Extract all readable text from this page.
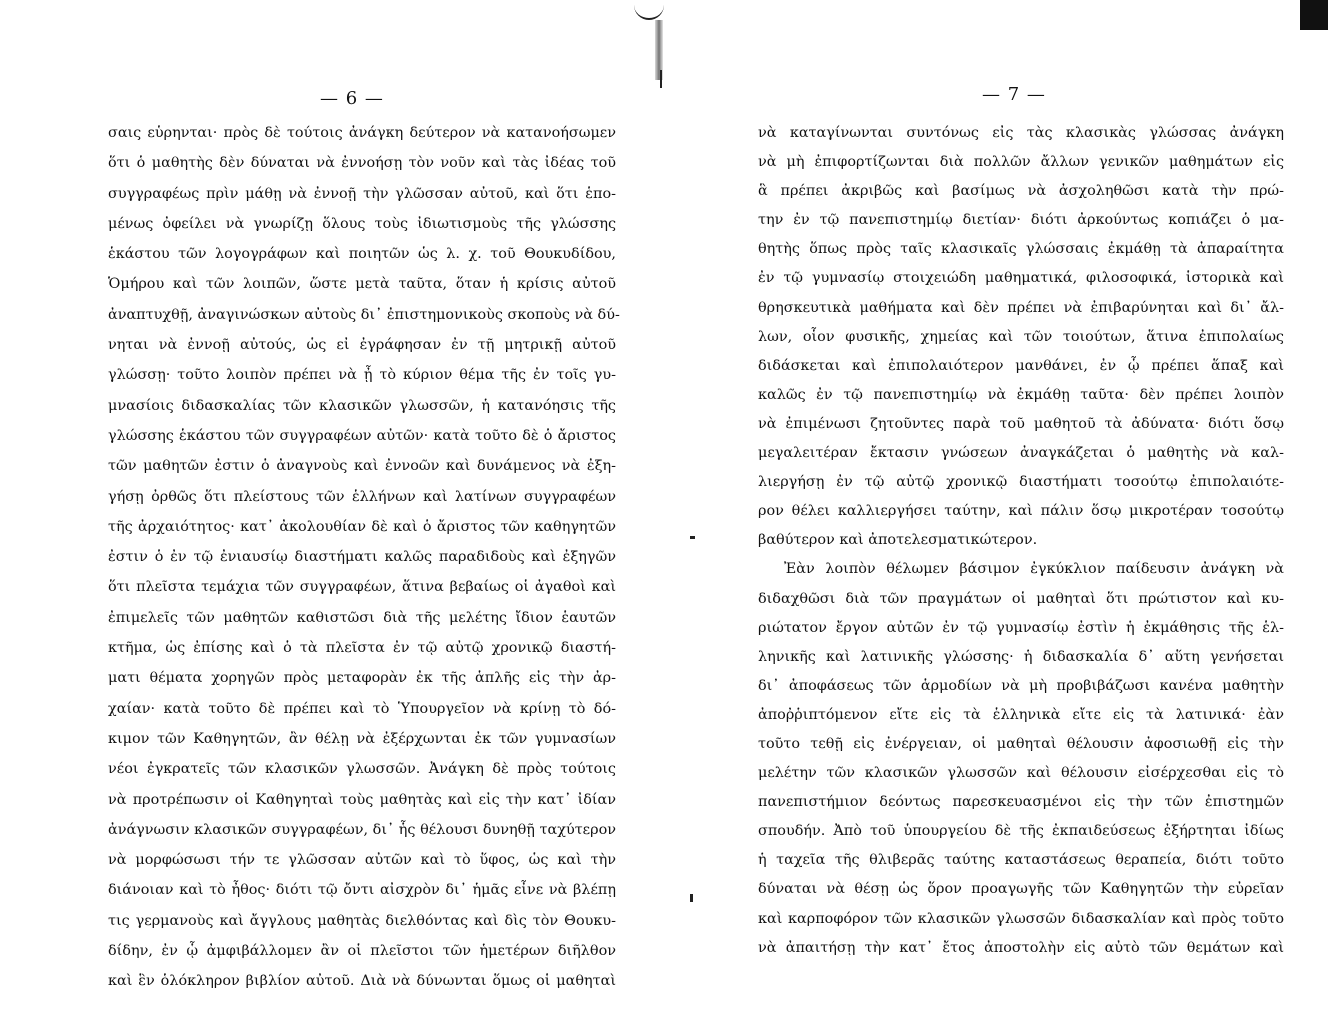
— 6 —
σαις εὑρηνται· πρὸς δὲ τούτοις ἀνάγκη δεύτερον νὰ κατανοήσωμεν
ὅτι ὁ μαθητὴς δὲν δύναται νὰ ἐννοήσῃ τὸν νοῦν καὶ τὰς ἰδέας τοῦ
συγγραφέως πρὶν μάθῃ νὰ ἐννοῇ τὴν γλῶσσαν αὐτοῦ, καὶ ὅτι ἑπο-
μένως ὀφείλει νὰ γνωρίζῃ ὅλους τοὺς ἰδιωτισμοὺς τῆς γλώσσης
ἑκάστου τῶν λογογράφων καὶ ποιητῶν ὡς λ. χ. τοῦ Θουκυδίδου,
Ὁμήρου καὶ τῶν λοιπῶν, ὥστε μετὰ ταῦτα, ὅταν ἡ κρίσις αὐτοῦ
ἀναπτυχθῇ, ἀναγινώσκων αὐτοὺς δι᾽ ἐπιστημονικοὺς σκοποὺς νὰ δύ-
νηται νὰ ἐννοῇ αὐτούς, ὡς εἰ ἐγράφησαν ἐν τῇ μητρικῇ αὐτοῦ
γλώσσῃ· τοῦτο λοιπὸν πρέπει νὰ ᾖ τὸ κύριον θέμα τῆς ἐν τοῖς γυ-
μνασίοις διδασκαλίας τῶν κλασικῶν γλωσσῶν, ἡ κατανόησις τῆς
γλώσσης ἑκάστου τῶν συγγραφέων αὐτῶν· κατὰ τοῦτο δὲ ὁ ἄριστος
τῶν μαθητῶν ἐστιν ὁ ἀναγνοὺς καὶ ἐννοῶν καὶ δυνάμενος νὰ ἐξη-
γήσῃ ὀρθῶς ὅτι πλείστους τῶν ἑλλήνων καὶ λατίνων συγγραφέων
τῆς ἀρχαιότητος· κατ᾽ ἀκολουθίαν δὲ καὶ ὁ ἄριστος τῶν καθηγητῶν
ἐστιν ὁ ἐν τῷ ἐνιαυσίῳ διαστήματι καλῶς παραδιδοὺς καὶ ἐξηγῶν
ὅτι πλεῖστα τεμάχια τῶν συγγραφέων, ἅτινα βεβαίως οἱ ἀγαθοὶ καὶ
ἐπιμελεῖς τῶν μαθητῶν καθιστῶσι διὰ τῆς μελέτης ἴδιον ἑαυτῶν
κτῆμα, ὡς ἐπίσης καὶ ὁ τὰ πλεῖστα ἐν τῷ αὐτῷ χρονικῷ διαστή-
ματι θέματα χορηγῶν πρὸς μεταφορὰν ἐκ τῆς ἁπλῆς εἰς τὴν ἀρ-
χαίαν· κατὰ τοῦτο δὲ πρέπει καὶ τὸ Ὑπουργεῖον νὰ κρίνῃ τὸ δό-
κιμον τῶν Καθηγητῶν, ἂν θέλῃ νὰ ἐξέρχωνται ἐκ τῶν γυμνασίων
νέοι ἐγκρατεῖς τῶν κλασικῶν γλωσσῶν. Ἀνάγκη δὲ πρὸς τούτοις
νὰ προτρέπωσιν οἱ Καθηγηταὶ τοὺς μαθητὰς καὶ εἰς τὴν κατ᾽ ἰδίαν
ἀνάγνωσιν κλασικῶν συγγραφέων, δι᾽ ἧς θέλουσι δυνηθῇ ταχύτερον
νὰ μορφώσωσι τήν τε γλῶσσαν αὐτῶν καὶ τὸ ὕφος, ὡς καὶ τὴν
διάνοιαν καὶ τὸ ἦθος· διότι τῷ ὄντι αἰσχρὸν δι᾽ ἡμᾶς εἶνε νὰ βλέπῃ
τις γερμανοὺς καὶ ἄγγλους μαθητὰς διελθόντας καὶ δὶς τὸν Θουκυ-
δίδην, ἐν ᾧ ἀμφιβάλλομεν ἂν οἱ πλεῖστοι τῶν ἡμετέρων διῆλθον
καὶ ἓν ὁλόκληρον βιβλίον αὐτοῦ. Διὰ νὰ δύνωνται ὅμως οἱ μαθηταὶ
— 7 —
νὰ καταγίνωνται συντόνως εἰς τὰς κλασικὰς γλώσσας ἀνάγκη
νὰ μὴ ἐπιφορτίζωνται διὰ πολλῶν ἄλλων γενικῶν μαθημάτων εἰς
ἃ πρέπει ἀκριβῶς καὶ βασίμως νὰ ἀσχοληθῶσι κατὰ τὴν πρώ-
την ἐν τῷ πανεπιστημίῳ διετίαν· διότι ἀρκούντως κοπιάζει ὁ μα-
θητὴς ὅπως πρὸς ταῖς κλασικαῖς γλώσσαις ἐκμάθῃ τὰ ἀπαραίτητα
ἐν τῷ γυμνασίῳ στοιχειώδη μαθηματικά, φιλοσοφικά, ἱστορικὰ καὶ
θρησκευτικὰ μαθήματα καὶ δὲν πρέπει νὰ ἐπιβαρύνηται καὶ δι᾽ ἄλ-
λων, οἷον φυσικῆς, χημείας καὶ τῶν τοιούτων, ἅτινα ἐπιπολαίως
διδάσκεται καὶ ἐπιπολαιότερον μανθάνει, ἐν ᾧ πρέπει ἅπαξ καὶ
καλῶς ἐν τῷ πανεπιστημίῳ νὰ ἐκμάθῃ ταῦτα· δὲν πρέπει λοιπὸν
νὰ ἐπιμένωσι ζητοῦντες παρὰ τοῦ μαθητοῦ τὰ ἀδύνατα· διότι ὅσῳ
μεγαλειτέραν ἔκτασιν γνώσεων ἀναγκάζεται ὁ μαθητὴς νὰ καλ-
λιεργήσῃ ἐν τῷ αὐτῷ χρονικῷ διαστήματι τοσούτῳ ἐπιπολαιότε-
ρον θέλει καλλιεργήσει ταύτην, καὶ πάλιν ὅσῳ μικροτέραν τοσούτῳ
βαθύτερον καὶ ἀποτελεσματικώτερον.
Ἐὰν λοιπὸν θέλωμεν βάσιμον ἐγκύκλιον παίδευσιν ἀνάγκη νὰ
διδαχθῶσι διὰ τῶν πραγμάτων οἱ μαθηταὶ ὅτι πρώτιστον καὶ κυ-
ριώτατον ἔργον αὐτῶν ἐν τῷ γυμνασίῳ ἐστὶν ἡ ἐκμάθησις τῆς ἑλ-
ληνικῆς καὶ λατινικῆς γλώσσης· ἡ διδασκαλία δ᾽ αὕτη γενήσεται
δι᾽ ἀποφάσεως τῶν ἁρμοδίων νὰ μὴ προβιβάζωσι κανένα μαθητὴν
ἀποῤῥιπτόμενον εἴτε εἰς τὰ ἑλληνικὰ εἴτε εἰς τὰ λατινικά· ἐὰν
τοῦτο τεθῇ εἰς ἐνέργειαν, οἱ μαθηταὶ θέλουσιν ἀφοσιωθῇ εἰς τὴν
μελέτην τῶν κλασικῶν γλωσσῶν καὶ θέλουσιν εἰσέρχεσθαι εἰς τὸ
πανεπιστήμιον δεόντως παρεσκευασμένοι εἰς τὴν τῶν ἐπιστημῶν
σπουδήν. Ἀπὸ τοῦ ὑπουργείου δὲ τῆς ἐκπαιδεύσεως ἐξήρτηται ἰδίως
ἡ ταχεῖα τῆς θλιβερᾶς ταύτης καταστάσεως θεραπεία, διότι τοῦτο
δύναται νὰ θέσῃ ὡς ὅρον προαγωγῆς τῶν Καθηγητῶν τὴν εὐρεῖαν
καὶ καρποφόρον τῶν κλασικῶν γλωσσῶν διδασκαλίαν καὶ πρὸς τοῦτο
νὰ ἀπαιτήσῃ τὴν κατ᾽ ἔτος ἀποστολὴν εἰς αὐτὸ τῶν θεμάτων καὶ
